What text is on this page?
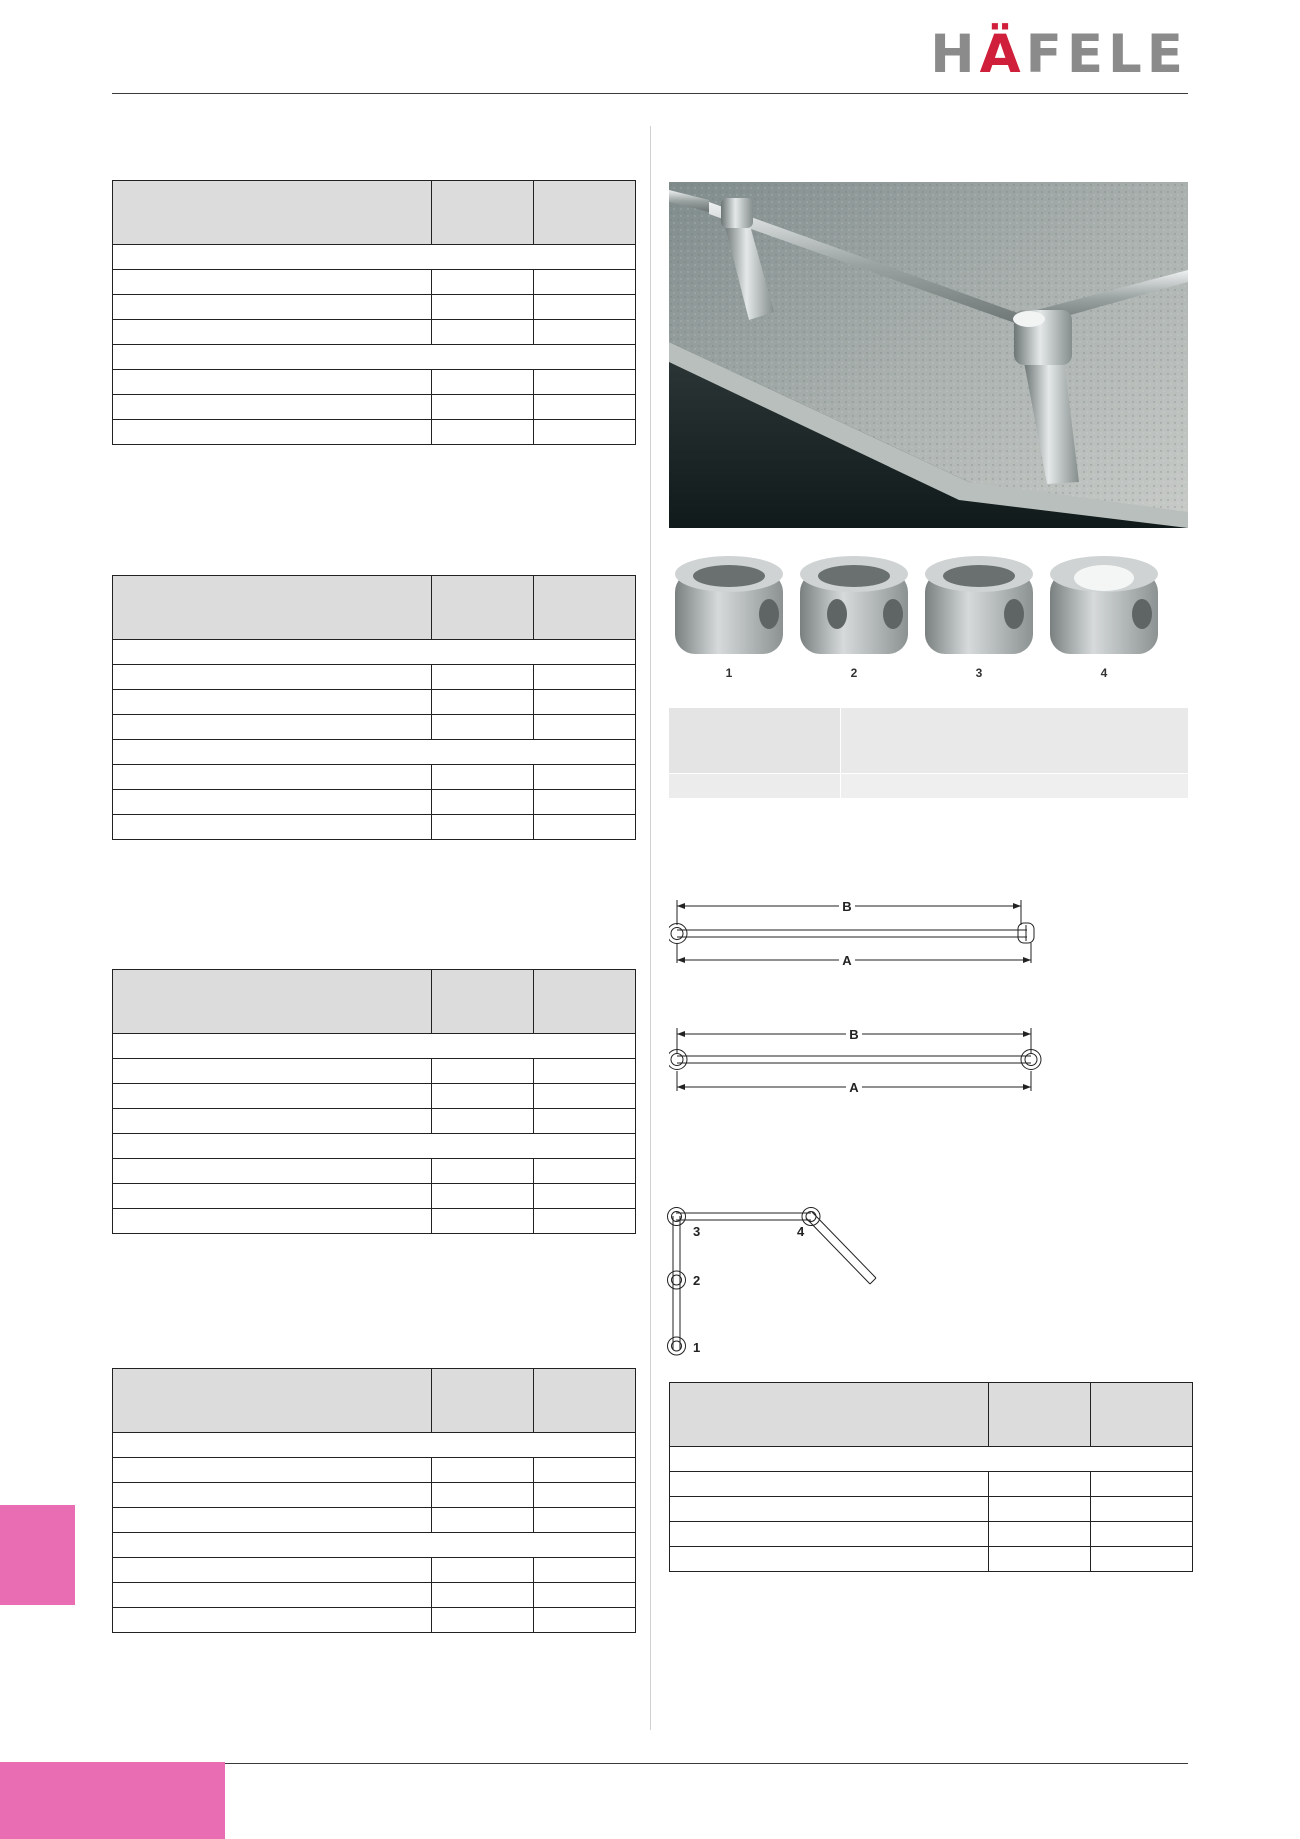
H Ä FELE

1	2	3	4
B
A
B
A
1
2
3	4
